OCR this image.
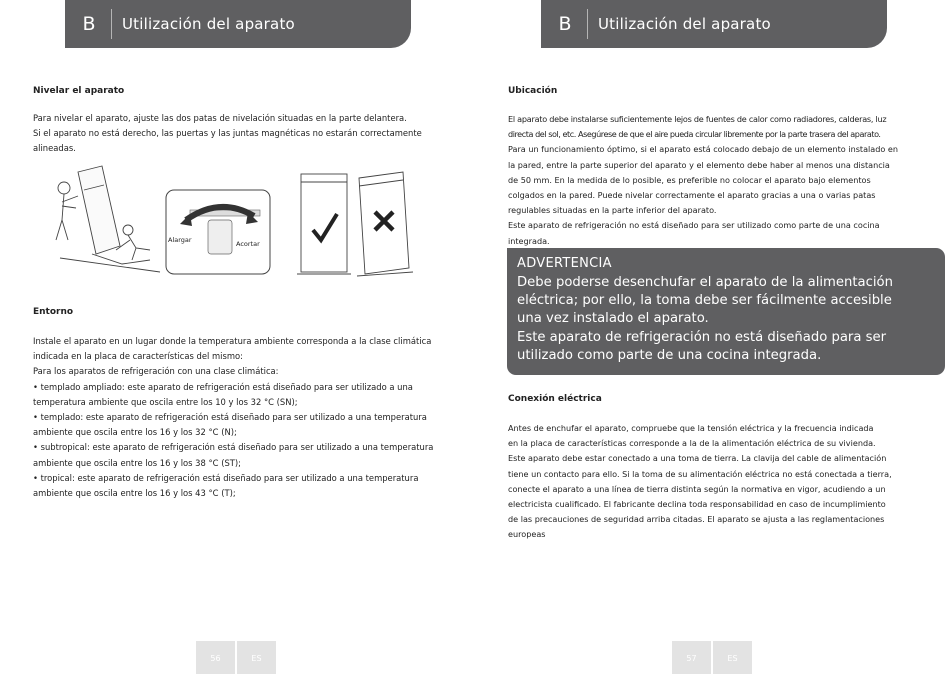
B	Utilización del aparato
Nivelar el aparato
Para nivelar el aparato, ajuste las dos patas de nivelación situadas en la parte delantera.
Si el aparato no está derecho, las puertas y las juntas magnéticas no estarán correctamente
alineadas.
Alargar	Acortar
Entorno
Instale el aparato en un lugar donde la temperatura ambiente corresponda a la clase climática
indicada en la placa de características del mismo:
Para los aparatos de refrigeración con una clase climática:
• templado ampliado: este aparato de refrigeración está diseñado para ser utilizado a una
temperatura ambiente que oscila entre los 10 y los 32 °C (SN);
• templado: este aparato de refrigeración está diseñado para ser utilizado a una temperatura
ambiente que oscila entre los 16 y los 32 °C (N);
• subtropical: este aparato de refrigeración está diseñado para ser utilizado a una temperatura
ambiente que oscila entre los 16 y los 38 °C (ST);
• tropical: este aparato de refrigeración está diseñado para ser utilizado a una temperatura
ambiente que oscila entre los 16 y los 43 °C (T);
56	ES
B	Utilización del aparato
Ubicación
El aparato debe instalarse suficientemente lejos de fuentes de calor como radiadores, calderas, luz
directa del sol, etc. Asegúrese de que el aire pueda circular libremente por la parte trasera del aparato.
Para un funcionamiento óptimo, si el aparato está colocado debajo de un elemento instalado en
la pared, entre la parte superior del aparato y el elemento debe haber al menos una distancia
de 50 mm. En la medida de lo posible, es preferible no colocar el aparato bajo elementos
colgados en la pared. Puede nivelar correctamente el aparato gracias a una o varias patas
regulables situadas en la parte inferior del aparato.
Este aparato de refrigeración no está diseñado para ser utilizado como parte de una cocina
integrada.
ADVERTENCIA
Debe poderse desenchufar el aparato de la alimentación
eléctrica; por ello, la toma debe ser fácilmente accesible
una vez instalado el aparato.
Este aparato de refrigeración no está diseñado para ser
utilizado como parte de una cocina integrada.
Conexión eléctrica
Antes de enchufar el aparato, compruebe que la tensión eléctrica y la frecuencia indicada
en la placa de características corresponde a la de la alimentación eléctrica de su vivienda.
Este aparato debe estar conectado a una toma de tierra. La clavija del cable de alimentación
tiene un contacto para ello. Si la toma de su alimentación eléctrica no está conectada a tierra,
conecte el aparato a una línea de tierra distinta según la normativa en vigor, acudiendo a un
electricista cualificado. El fabricante declina toda responsabilidad en caso de incumplimiento
de las precauciones de seguridad arriba citadas. El aparato se ajusta a las reglamentaciones
europeas
57	ES
